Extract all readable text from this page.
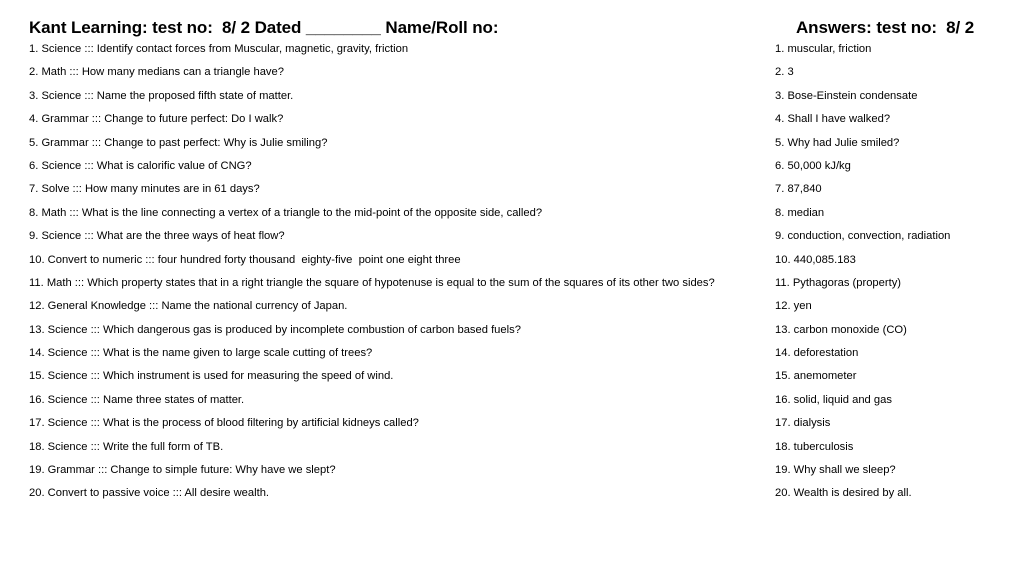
Kant Learning: test no:  8/ 2 Dated ________ Name/Roll no:
1. Science ::: Identify contact forces from Muscular, magnetic, gravity, friction
2. Math ::: How many medians can a triangle have?
3. Science ::: Name the proposed fifth state of matter.
4. Grammar ::: Change to future perfect: Do I walk?
5. Grammar ::: Change to past perfect: Why is Julie smiling?
6. Science ::: What is calorific value of CNG?
7. Solve ::: How many minutes are in 61 days?
8. Math ::: What is the line connecting a vertex of a triangle to the mid-point of the opposite side, called?
9. Science ::: What are the three ways of heat flow?
10. Convert to numeric ::: four hundred forty thousand  eighty-five  point one eight three
11. Math ::: Which property states that in a right triangle the square of hypotenuse is equal to the sum of the squares of its other two sides?
12. General Knowledge ::: Name the national currency of Japan.
13. Science ::: Which dangerous gas is produced by incomplete combustion of carbon based fuels?
14. Science ::: What is the name given to large scale cutting of trees?
15. Science ::: Which instrument is used for measuring the speed of wind.
16. Science ::: Name three states of matter.
17. Science ::: What is the process of blood filtering by artificial kidneys called?
18. Science ::: Write the full form of TB.
19. Grammar ::: Change to simple future: Why have we slept?
20. Convert to passive voice ::: All desire wealth.
Answers: test no:  8/ 2
1. muscular, friction
2. 3
3. Bose-Einstein condensate
4. Shall I have walked?
5. Why had Julie smiled?
6. 50,000 kJ/kg
7. 87,840
8. median
9. conduction, convection, radiation
10. 440,085.183
11. Pythagoras (property)
12. yen
13. carbon monoxide (CO)
14. deforestation
15. anemometer
16. solid, liquid and gas
17. dialysis
18. tuberculosis
19. Why shall we sleep?
20. Wealth is desired by all.
